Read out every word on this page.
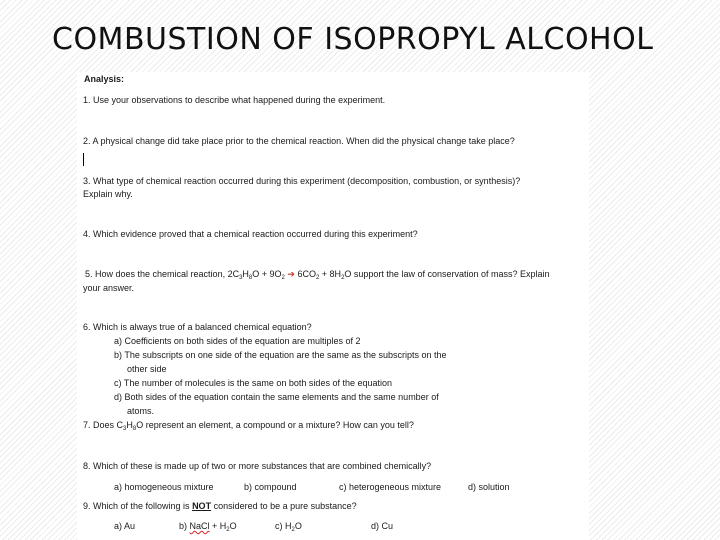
COMBUSTION OF ISOPROPYL ALCOHOL
Analysis:
1. Use your observations to describe what happened during the experiment.
2. A physical change did take place prior to the chemical reaction. When did the physical change take place?
3. What type of chemical reaction occurred during this experiment (decomposition, combustion, or synthesis)?
Explain why.
4. Which evidence proved that a chemical reaction occurred during this experiment?
5. How does the chemical reaction, $2C_3H_8O + 9O_2$ ➔ $6CO_2 + 8H_2O$ support the law of conservation of mass? Explain
your answer.
6. Which is always true of a balanced chemical equation?
a) Coefficients on both sides of the equation are multiples of 2
b) The subscripts on one side of the equation are the same as the subscripts on the
other side
c) The number of molecules is the same on both sides of the equation
d) Both sides of the equation contain the same elements and the same number of
atoms.
7. Does $C_3H_8O$ represent an element, a compound or a mixture? How can you tell?
8. Which of these is made up of two or more substances that are combined chemically?
a) homogeneous mixture	b) compound	c) heterogeneous mixture	d) solution
9. Which of the following is NOT considered to be a pure substance?
a) Au	b) NaCl + $H_2O$	c) $H_2O$	d) Cu
